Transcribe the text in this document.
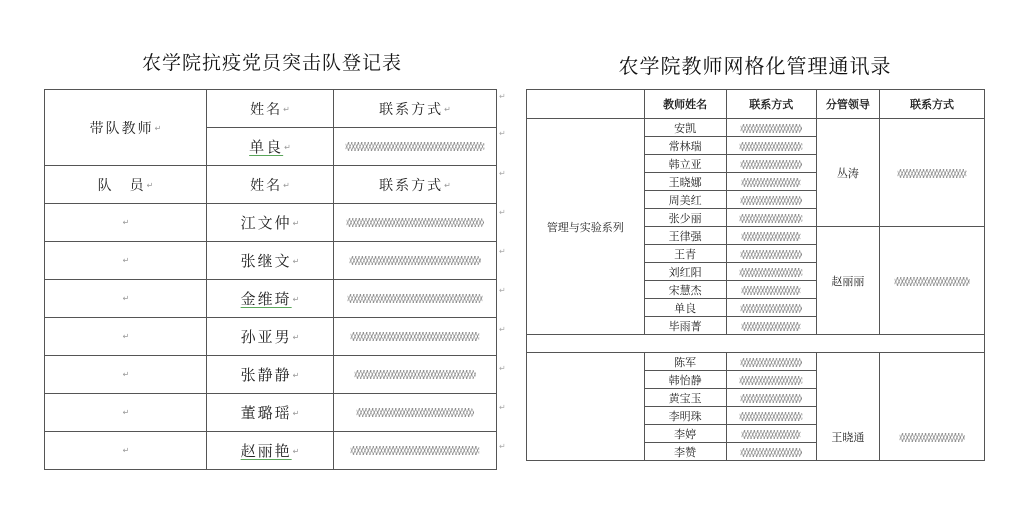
农学院抗疫党员突击队登记表
带队教师↵	姓名↵	联系方式↵
	单良↵	
队　员↵	姓名↵	联系方式↵
↵	江文仲↵	
↵	张继文↵	
↵	金维琦↵	
↵	孙亚男↵	
↵	张静静↵	
↵	董璐瑶↵	
↵	赵丽艳↵	
↵
↵
↵
↵
↵
↵
↵
↵
↵
↵
农学院教师网格化管理通讯录
	教师姓名	联系方式	分管领导	联系方式
管理与实验系列	安凯		丛涛	
	常林瑞			
	韩立亚			
	王晓娜			
	周美红			
	张少丽			
	王律强		赵丽丽	
	王青			
	刘红阳			
	宋慧杰			
	单良			
	毕雨菁			

	陈军		王晓通	
	韩怡静			
	黄宝玉			
	李明珠			
	李婷			
	李赞			
